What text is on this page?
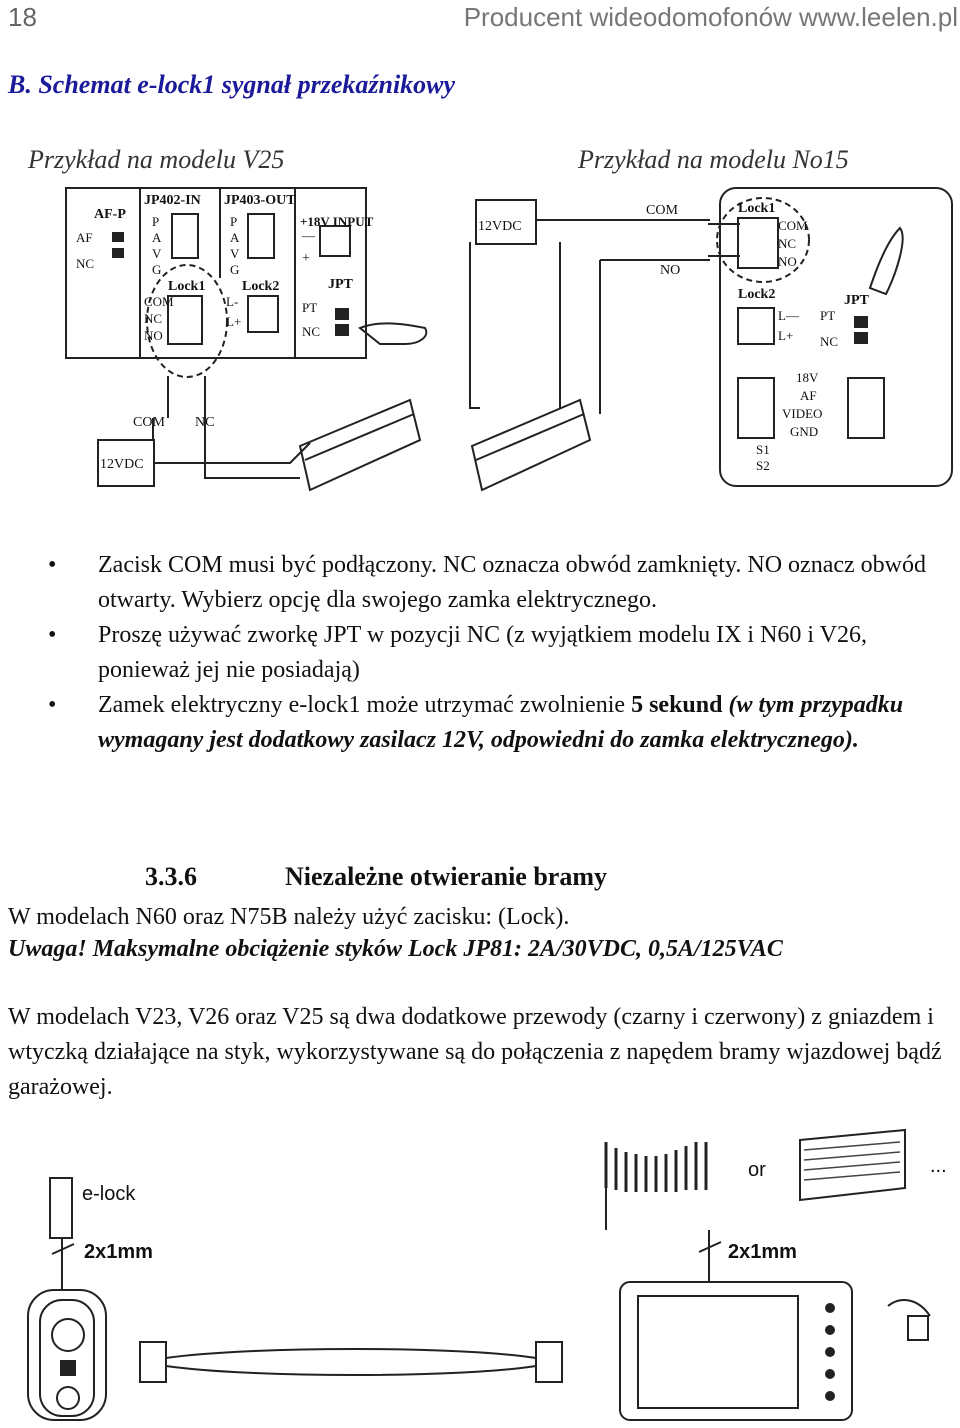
18	Producent wideodomofonów www.leelen.pl
B. Schemat e-lock1 sygnał przekaźnikowy
Przykład na modelu V25	Przykład na modelu No15
AF-P
AF
NC
JP402-IN JP403-OUT
P
A
V
G
P
A
V
G
+18V INPUT
—
+
Lock1	Lock2
COM
NC
NO
L-
L+
JPT
PT
NC
COM NC
12VDC
12VDC
COM
NO
Lock1
COM
NC
NO
Lock2
L—
L+
JPT
PT
NC
18V
AF
VIDEO
GND
S1
S2
• Zacisk COM musi być podłączony. NC oznacza obwód zamknięty. NO oznacz obwód otwarty. Wybierz opcję dla swojego zamka elektrycznego.
• Proszę używać zworkę JPT w pozycji NC (z wyjątkiem modelu IX i N60 i V26, ponieważ jej nie posiadają)
• Zamek elektryczny e-lock1 może utrzymać zwolnienie 5 sekund (w tym przypadku wymagany jest dodatkowy zasilacz 12V, odpowiedni do zamka elektrycznego).
3.3.6	Niezależne otwieranie bramy
W modelach N60 oraz N75B należy użyć zacisku: (Lock).
Uwaga! Maksymalne obciążenie styków Lock JP81: 2A/30VDC, 0,5A/125VAC
W modelach V23, V26 oraz V25 są dwa dodatkowe przewody (czarny i czerwony) z gniazdem i wtyczką działające na styk, wykorzystywane są do połączenia z napędem bramy wjazdowej bądź garażowej.
e-lock
2x1mm	2x1mm
or	...
